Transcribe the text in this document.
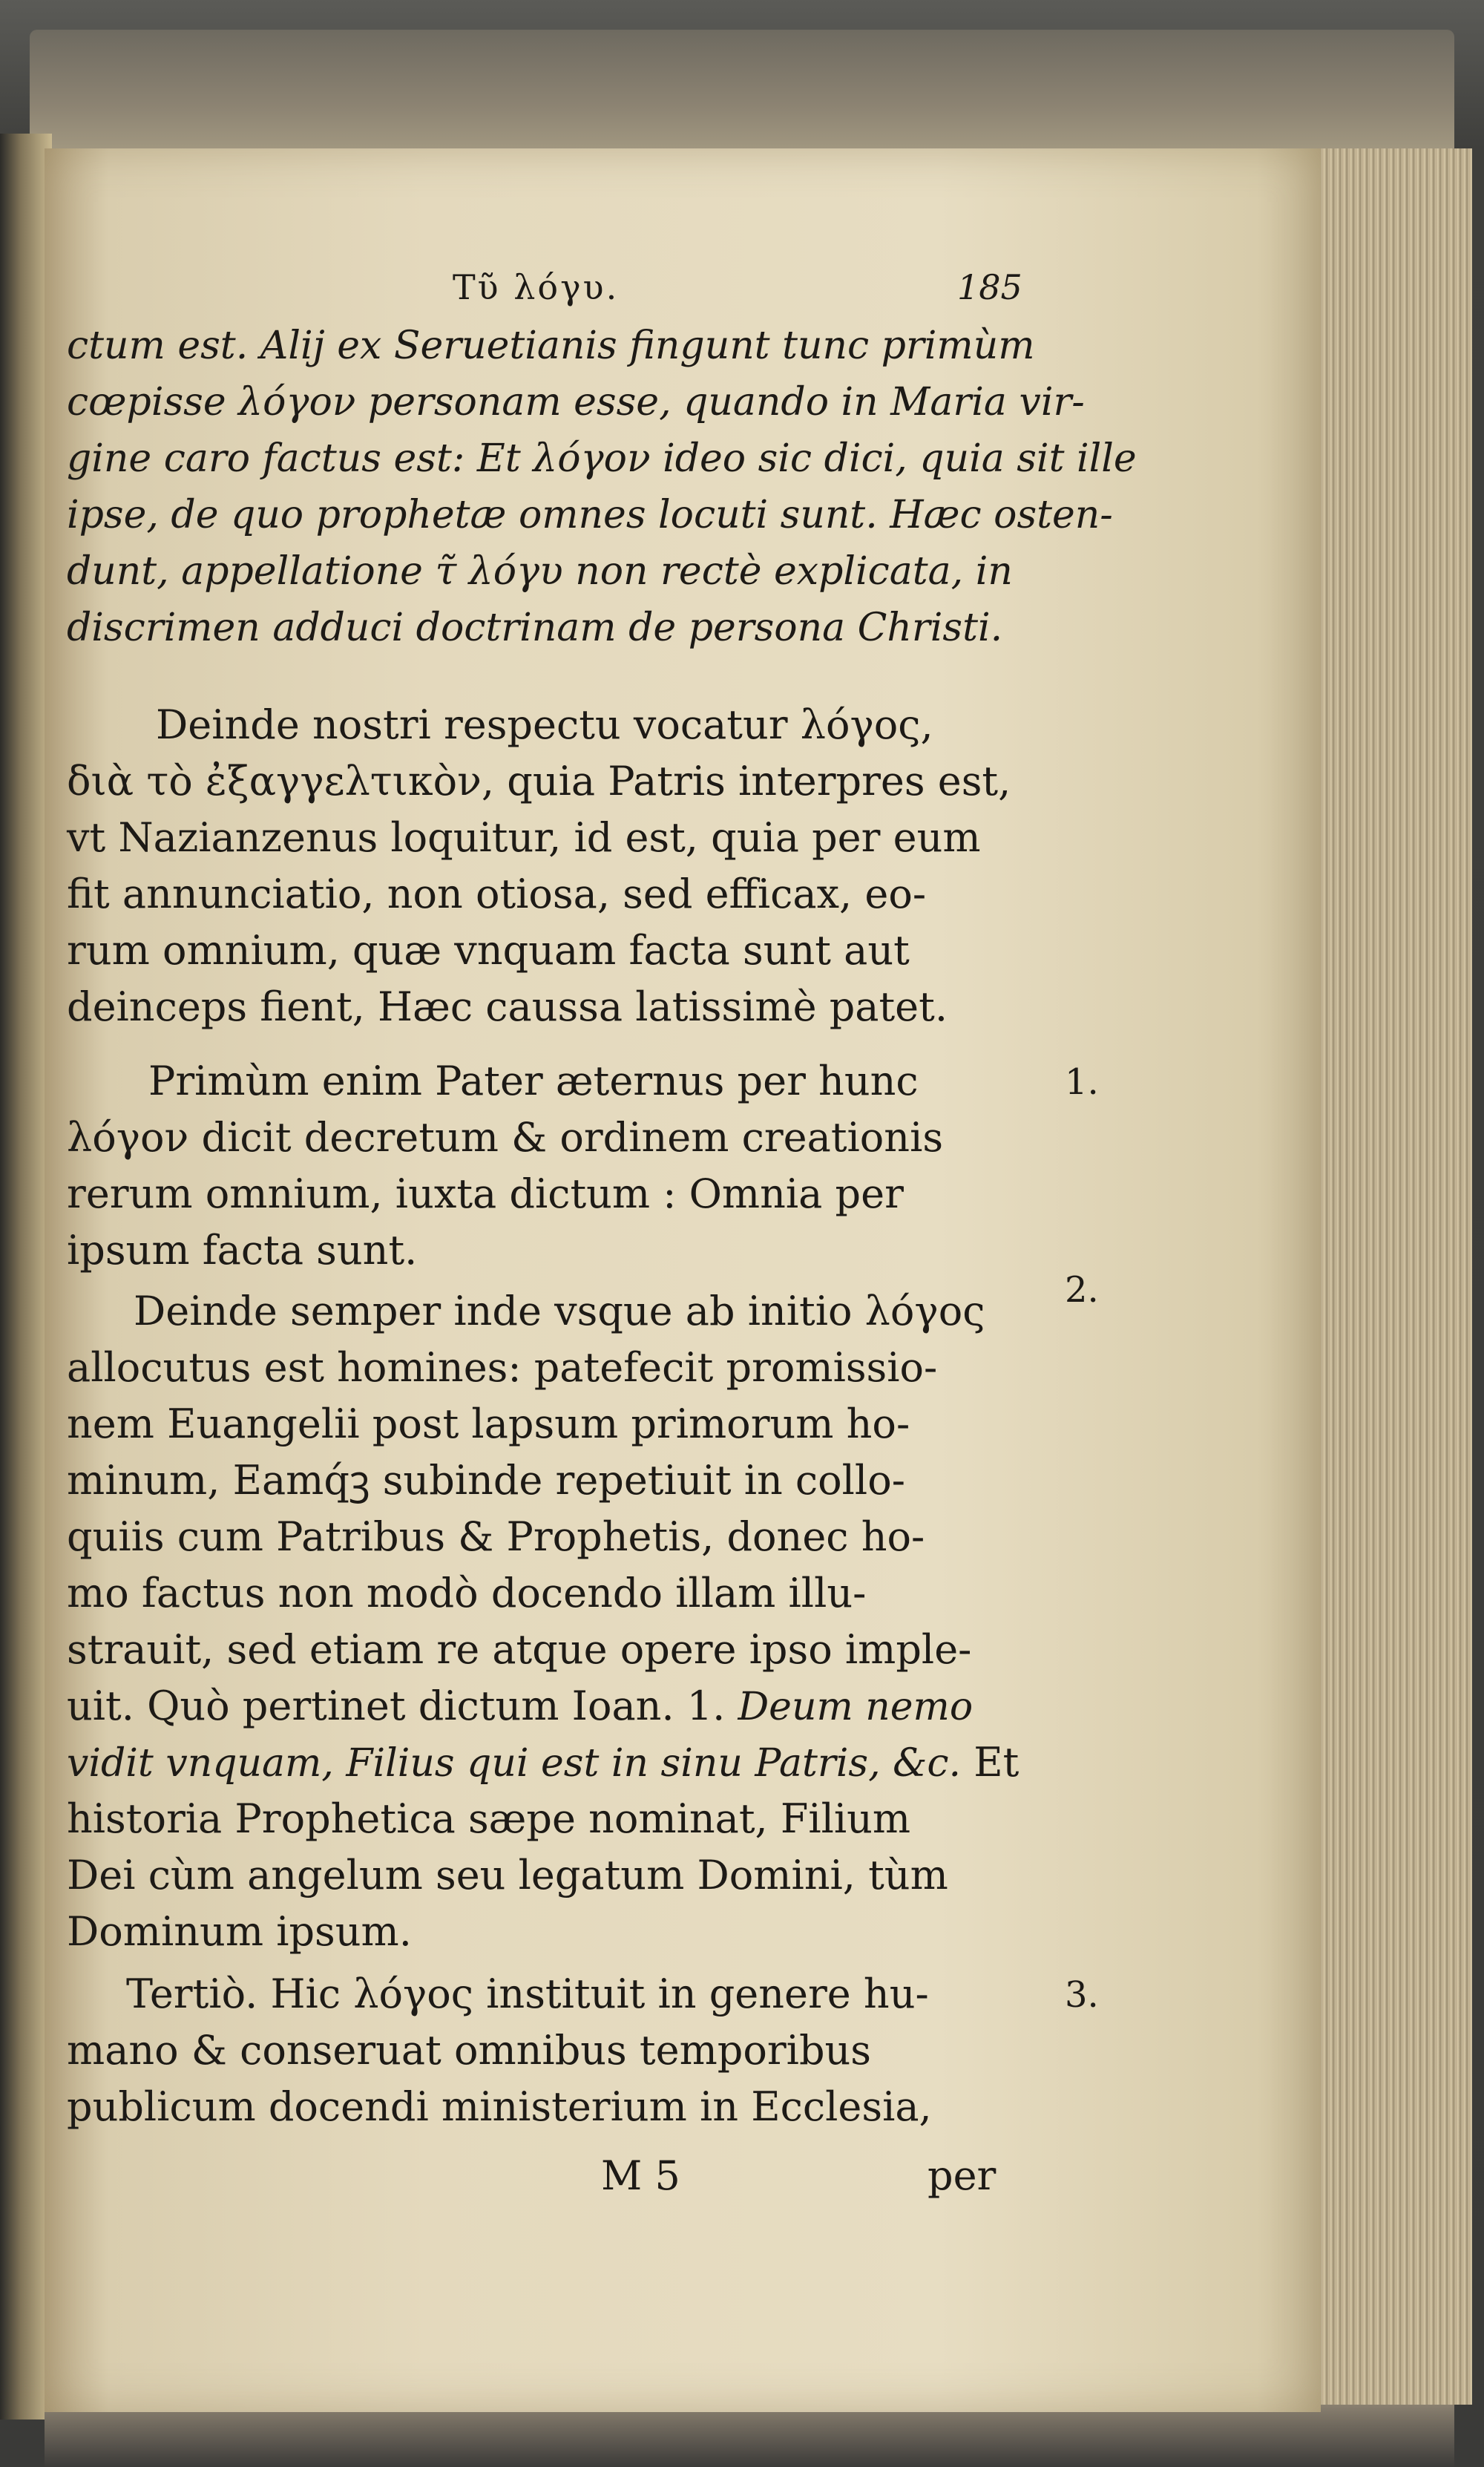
Τῦ λόγυ.	185
ctum est. Alij ex Seruetianis fingunt tunc primùm
cœpisse λόγον personam esse, quando in Maria vir-
gine caro factus est: Et λόγον ideo sic dici, quia sit ille
ipse, de quo prophetæ omnes locuti sunt. Hæc osten-
dunt, appellatione τ̃ λόγυ non rectè explicata, in
discrimen adduci doctrinam de persona Christi.
Deinde nostri respectu vocatur λόγος,
διὰ τὸ ἐξαγγελτικὸν, quia Patris interpres est,
vt Nazianzenus loquitur, id est, quia per eum
fit annunciatio, non otiosa, sed efficax, eo-
rum omnium, quæ vnquam facta sunt aut
deinceps fient, Hæc caussa latissimè patet.
Primùm enim Pater æternus per hunc	1.
λόγον dicit decretum & ordinem creationis
rerum omnium, iuxta dictum : Omnia per
ipsum facta sunt.
Deinde semper inde vsque ab initio λόγος 2.
allocutus est homines: patefecit promissio-
nem Euangelii post lapsum primorum ho-
minum, Eamq́ꝫ subinde repetiuit in collo-
quiis cum Patribus & Prophetis, donec ho-
mo factus non modò docendo illam illu-
strauit, sed etiam re atque opere ipso imple-
uit. Quò pertinet dictum Ioan. 1. Deum nemo
vidit vnquam, Filius qui est in sinu Patris, &c. Et
historia Prophetica sæpe nominat, Filium
Dei cùm angelum seu legatum Domini, tùm
Dominum ipsum.
Tertiò. Hic λόγος instituit in genere hu-	3.
mano & conseruat omnibus temporibus
publicum docendi ministerium in Ecclesia,
M 5	per
